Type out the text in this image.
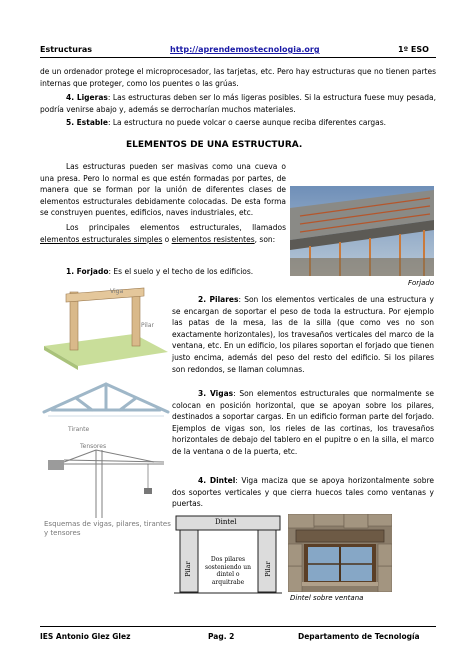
Estructuras	http://aprendemostecnologia.org	1º ESO
de un ordenador protege el microprocesador, las tarjetas, etc. Pero hay estructuras que no tienen partes internas que proteger, como los puentes o las grúas.
4. Ligeras: Las estructuras deben ser lo más ligeras posibles. Si la estructura fuese muy pesada, podría venirse abajo y, además se derrocharían muchos materiales.
5. Estable: La estructura no puede volcar o caerse aunque reciba diferentes cargas.
ELEMENTOS DE UNA ESTRUCTURA.
Las estructuras pueden ser masivas como una cueva o una presa. Pero lo normal es que estén formadas por partes, de manera que se forman por la unión de diferentes clases de elementos estructurales debidamente colocadas. De esta forma se construyen puentes, edificios, naves industriales, etc.
Los principales elementos estructurales, llamados elementos estructurales simples o elementos resistentes, son:
1. Forjado: Es el suelo y el techo de los edificios.
Forjado
Viga
Pilar
Tirante
Tensores
Esquemas de vigas, pilares, tirantes y tensores
2. Pilares: Son los elementos verticales de una estructura y se encargan de soportar el peso de toda la estructura. Por ejemplo las patas de la mesa, las de la silla (que como ves no son exactamente horizontales), los travesaños verticales del marco de la ventana, etc. En un edificio, los pilares soportan el forjado que tienen justo encima, además del peso del resto del edificio. Si los pilares son redondos, se llaman columnas.
3. Vigas: Son elementos estructurales que normalmente se colocan en posición horizontal, que se apoyan sobre los pilares, destinados a soportar cargas. En un edificio forman parte del forjado. Ejemplos de vigas son, los rieles de las cortinas, los travesaños horizontales de debajo del tablero en el pupitre o en la silla, el marco de la ventana o de la puerta, etc.
4. Dintel: Viga maciza que se apoya horizontalmente sobre dos soportes verticales y que cierra huecos tales como ventanas y puertas.
Dintel
Pilar	Pilar
Dos pilares sosteniendo un dintel o arquitrabe
Dintel sobre ventana
IES Antonio Glez Glez	Pag. 2	Departamento de Tecnología
